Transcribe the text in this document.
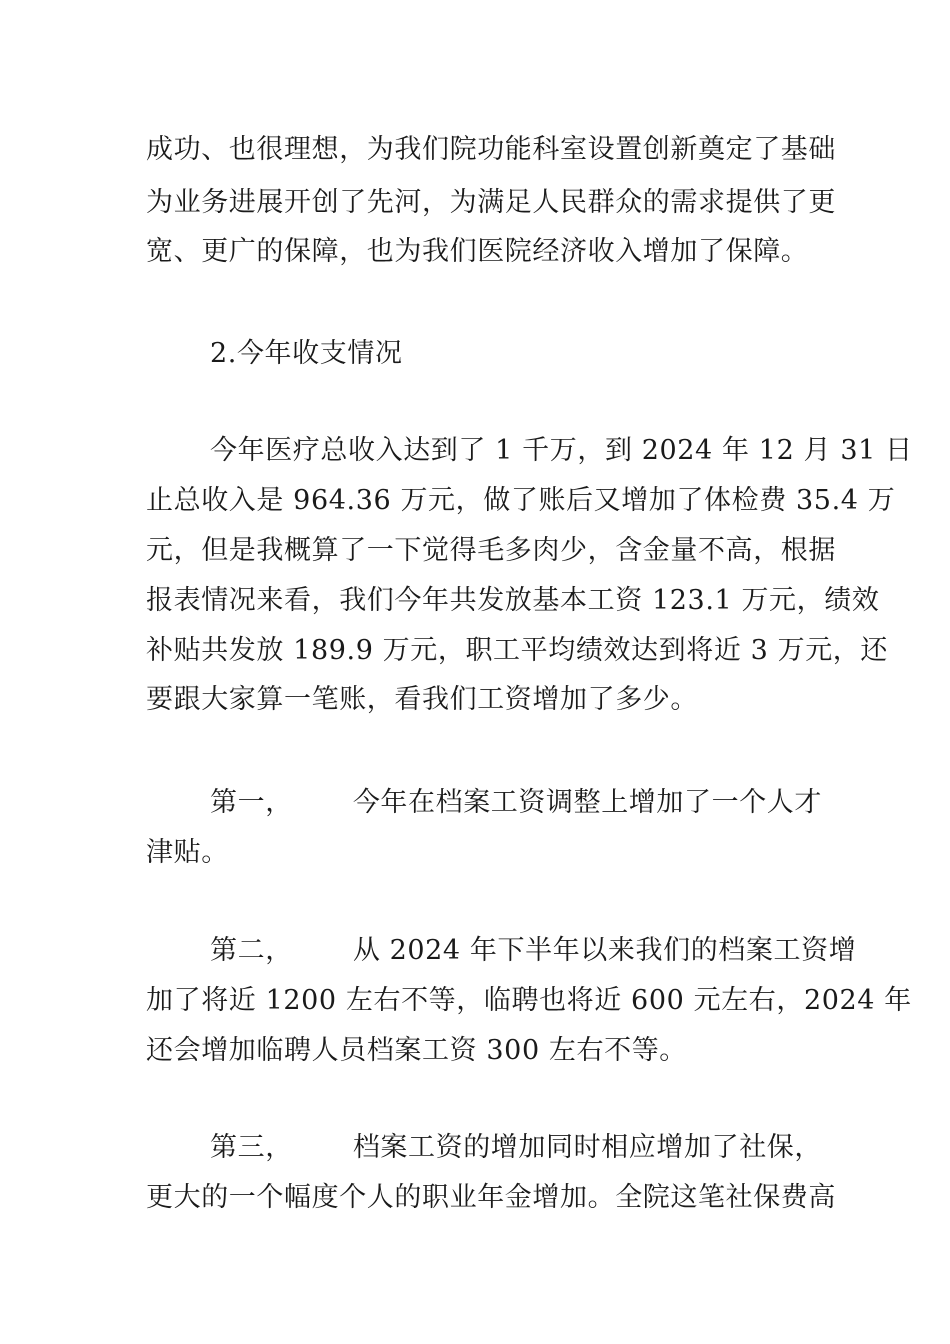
成功、也很理想，为我们院功能科室设置创新奠定了基础
为业务进展开创了先河，为满足人民群众的需求提供了更
宽、更广的保障，也为我们医院经济收入增加了保障。
2.今年收支情况
今年医疗总收入达到了 1 千万，到 2024 年 12 月 31 日
止总收入是 964.36 万元，做了账后又增加了体检费 35.4 万
元，但是我概算了一下觉得毛多肉少，含金量不高，根据
报表情况来看，我们今年共发放基本工资 123.1 万元，绩效
补贴共发放 189.9 万元，职工平均绩效达到将近 3 万元，还
要跟大家算一笔账，看我们工资增加了多少。
第一， 今年在档案工资调整上增加了一个人才
津贴。
第二， 从 2024 年下半年以来我们的档案工资增
加了将近 1200 左右不等，临聘也将近 600 元左右，2024 年
还会增加临聘人员档案工资 300 左右不等。
第三， 档案工资的增加同时相应增加了社保，
更大的一个幅度个人的职业年金增加。全院这笔社保费高
